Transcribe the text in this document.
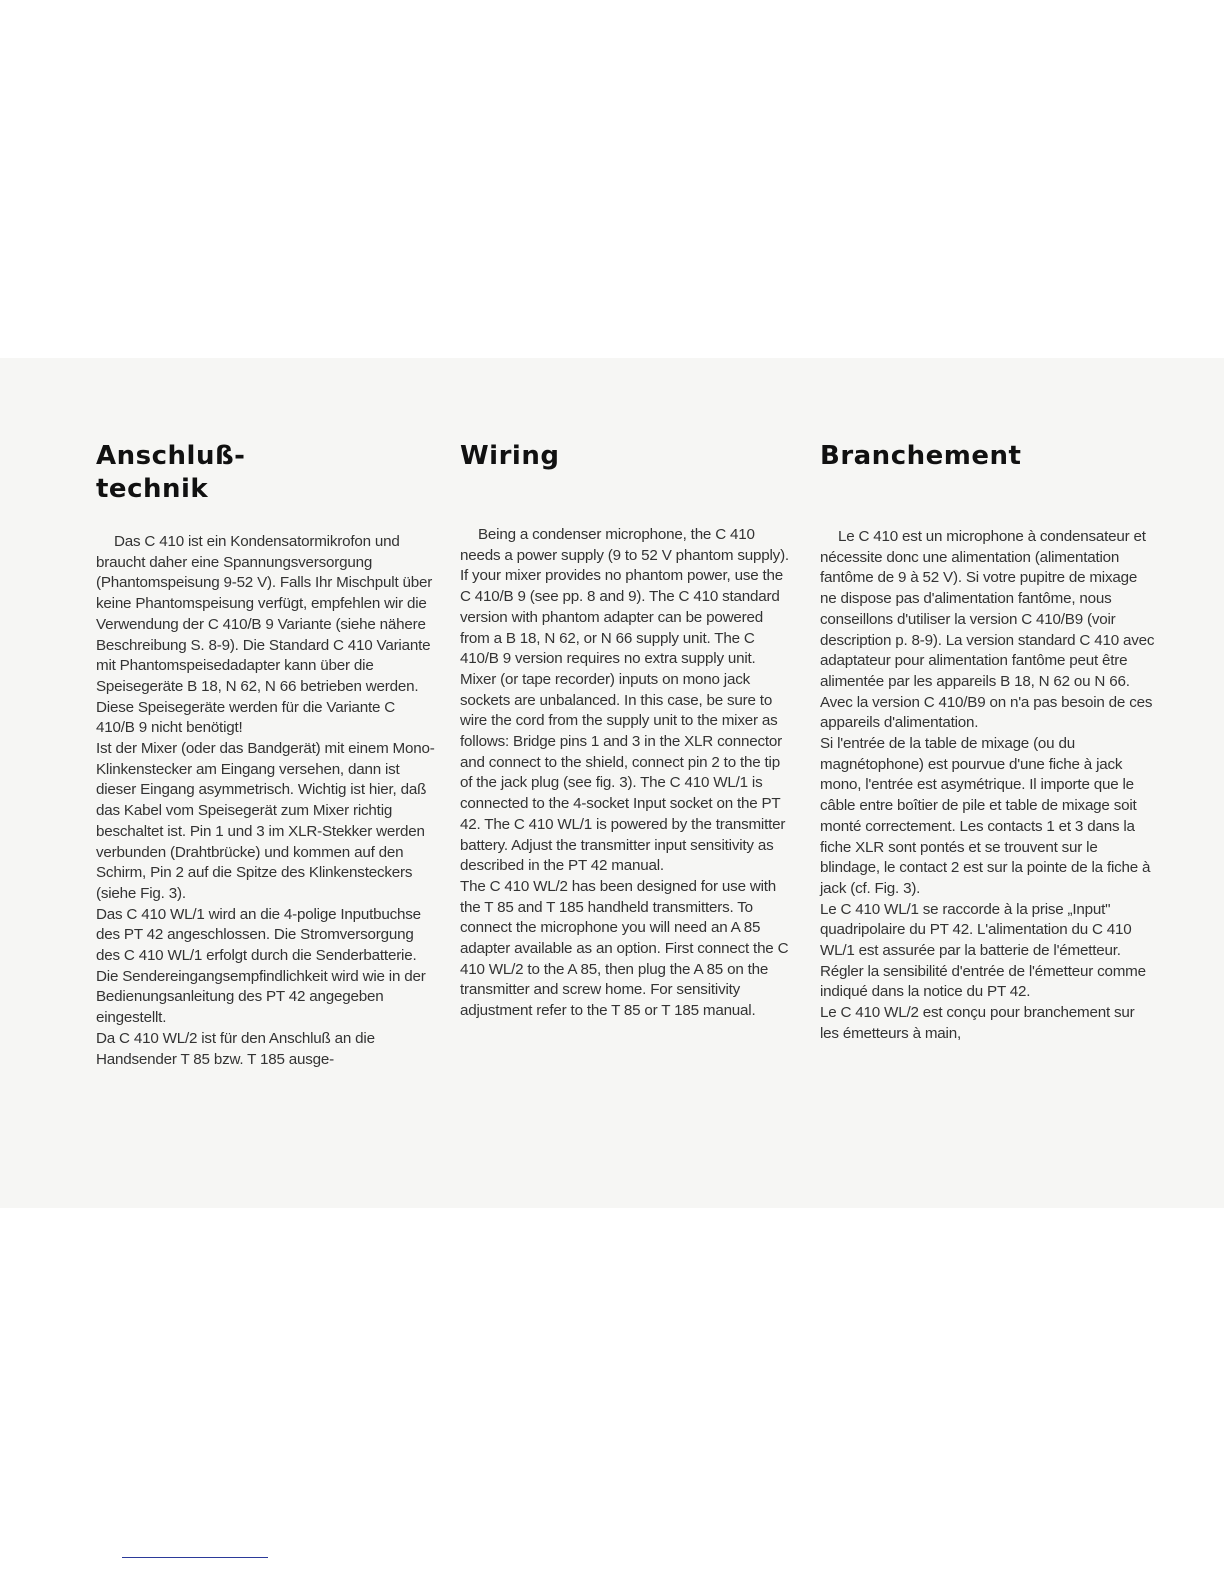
Anschluß-
technik

Das C 410 ist ein Kondensatormikrofon und braucht daher eine Spannungsversorgung (Phantomspeisung 9-52 V). Falls Ihr Mischpult über keine Phantomspeisung verfügt, empfehlen wir die Verwendung der C 410/B 9 Variante (siehe nähere Beschreibung S. 8-9). Die Standard C 410 Variante mit Phantomspeisedadapter kann über die Speisegeräte B 18, N 62, N 66 betrieben werden.

Diese Speisegeräte werden für die Variante C 410/B 9 nicht benötigt!

Ist der Mixer (oder das Bandgerät) mit einem Mono-Klinkenstecker am Eingang versehen, dann ist dieser Eingang asymmetrisch. Wichtig ist hier, daß das Kabel vom Speisegerät zum Mixer richtig beschaltet ist. Pin 1 und 3 im XLR-Stekker werden verbunden (Drahtbrücke) und kommen auf den Schirm, Pin 2 auf die Spitze des Klinkensteckers (siehe Fig. 3).

Das C 410 WL/1 wird an die 4-polige Inputbuchse des PT 42 angeschlossen. Die Stromversorgung des C 410 WL/1 erfolgt durch die Senderbatterie. Die Sendereingangsempfindlichkeit wird wie in der Bedienungsanleitung des PT 42 angegeben eingestellt.

Da C 410 WL/2 ist für den Anschluß an die Handsender T 85 bzw. T 185 ausge-

Wiring

Being a condenser microphone, the C 410 needs a power supply (9 to 52 V phantom supply). If your mixer provides no phantom power, use the C 410/B 9 (see pp. 8 and 9). The C 410 standard version with phantom adapter can be powered from a B 18, N 62, or N 66 supply unit. The C 410/B 9 version requires no extra supply unit.

Mixer (or tape recorder) inputs on mono jack sockets are unbalanced. In this case, be sure to wire the cord from the supply unit to the mixer as follows: Bridge pins 1 and 3 in the XLR connector and connect to the shield, connect pin 2 to the tip of the jack plug (see fig. 3). The C 410 WL/1 is connected to the 4-socket Input socket on the PT 42. The C 410 WL/1 is powered by the transmitter battery. Adjust the transmitter input sensitivity as described in the PT 42 manual.

The C 410 WL/2 has been designed for use with the T 85 and T 185 handheld transmitters. To connect the microphone you will need an A 85 adapter available as an option. First connect the C 410 WL/2 to the A 85, then plug the A 85 on the transmitter and screw home. For sensitivity adjustment refer to the T 85 or T 185 manual.

Branchement

Le C 410 est un microphone à condensateur et nécessite donc une alimentation (alimentation fantôme de 9 à 52 V). Si votre pupitre de mixage ne dispose pas d'alimentation fantôme, nous conseillons d'utiliser la version C 410/B9 (voir description p. 8-9). La version standard C 410 avec adaptateur pour alimentation fantôme peut être alimentée par les appareils B 18, N 62 ou N 66.

Avec la version C 410/B9 on n'a pas besoin de ces appareils d'alimentation.

Si l'entrée de la table de mixage (ou du magnétophone) est pourvue d'une fiche à jack mono, l'entrée est asymétrique. Il importe que le câble entre boîtier de pile et table de mixage soit monté correctement. Les contacts 1 et 3 dans la fiche XLR sont pontés et se trouvent sur le blindage, le contact 2 est sur la pointe de la fiche à jack (cf. Fig. 3).

Le C 410 WL/1 se raccorde à la prise „Input" quadripolaire du PT 42. L'alimentation du C 410 WL/1 est assurée par la batterie de l'émetteur. Régler la sensibilité d'entrée de l'émetteur comme indiqué dans la notice du PT 42.

Le C 410 WL/2 est conçu pour branchement sur les émetteurs à main,
